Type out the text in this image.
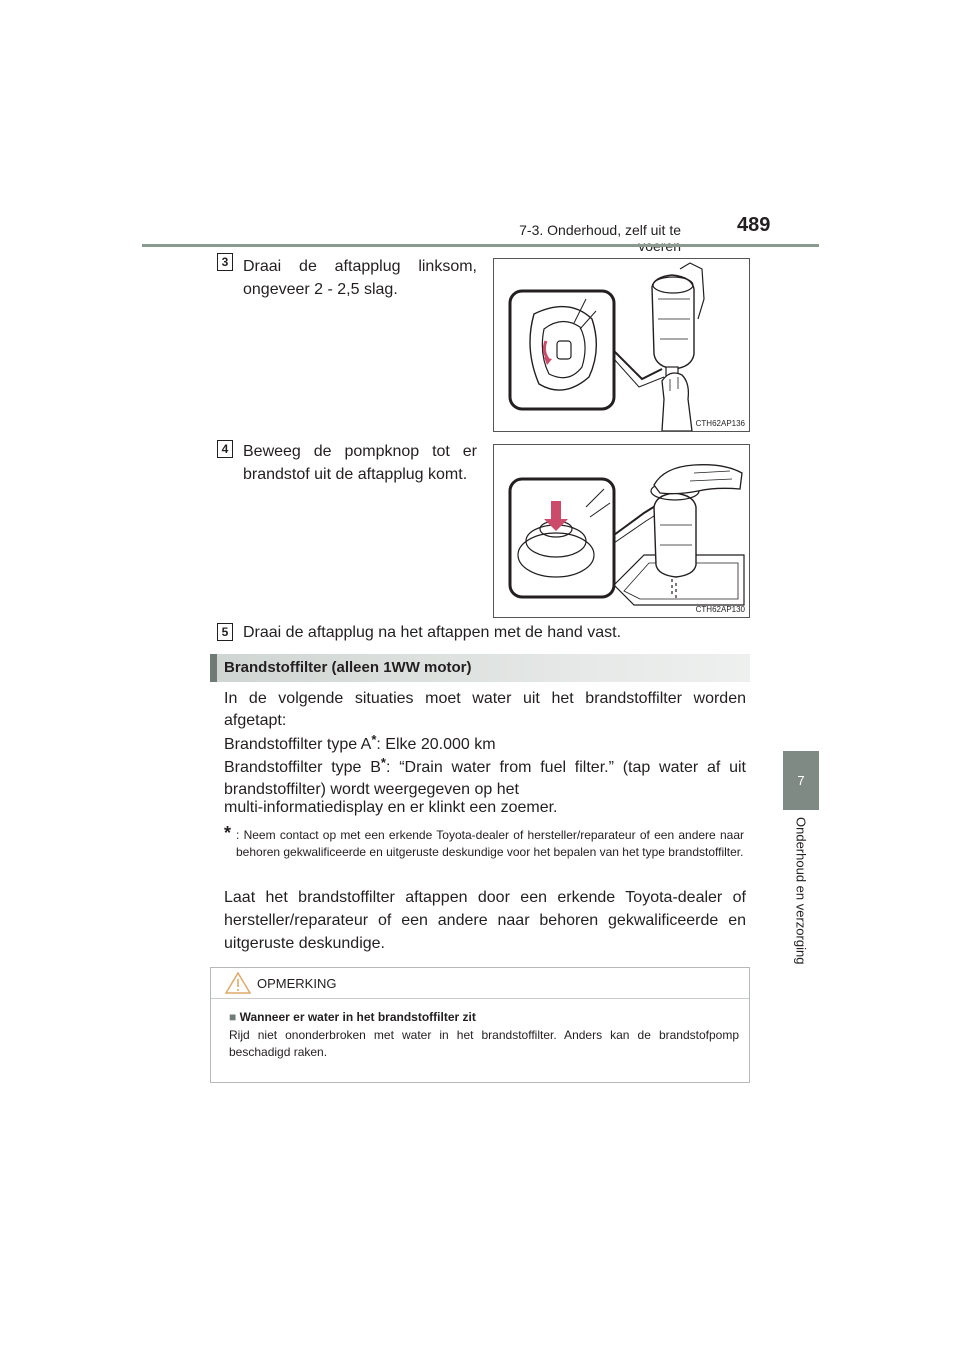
7-3. Onderhoud, zelf uit te	489
7
Onderhoud en verzorging
3 Draai de aftapplug linksom, ongeveer 2 - 2,5 slag.
CTH62AP136
4 Beweeg de pompknop tot er brandstof uit de aftapplug komt.
CTH62AP130
5 Draai de aftapplug na het aftappen met de hand vast.
Brandstoffilter (alleen 1WW motor)
In de volgende situaties moet water uit het brandstoffilter worden afgetapt:
Brandstoffilter type A*: Elke 20.000 km
Brandstoffilter type B*: “Drain water from fuel filter.” (tap water af uit brandstoffilter) wordt weergegeven op het
multi-informatiedisplay en er klinkt een zoemer.
* : Neem contact op met een erkende Toyota-dealer of hersteller/reparateur of een andere naar behoren gekwalificeerde en uitgeruste deskundige voor het bepalen van het type brandstoffilter.
Laat het brandstoffilter aftappen door een erkende Toyota-dealer of hersteller/reparateur of een andere naar behoren gekwalificeerde en uitgeruste deskundige.
OPMERKING
■ Wanneer er water in het brandstoffilter zit
Rijd niet ononderbroken met water in het brandstoffilter. Anders kan de brandstofpomp beschadigd raken.
